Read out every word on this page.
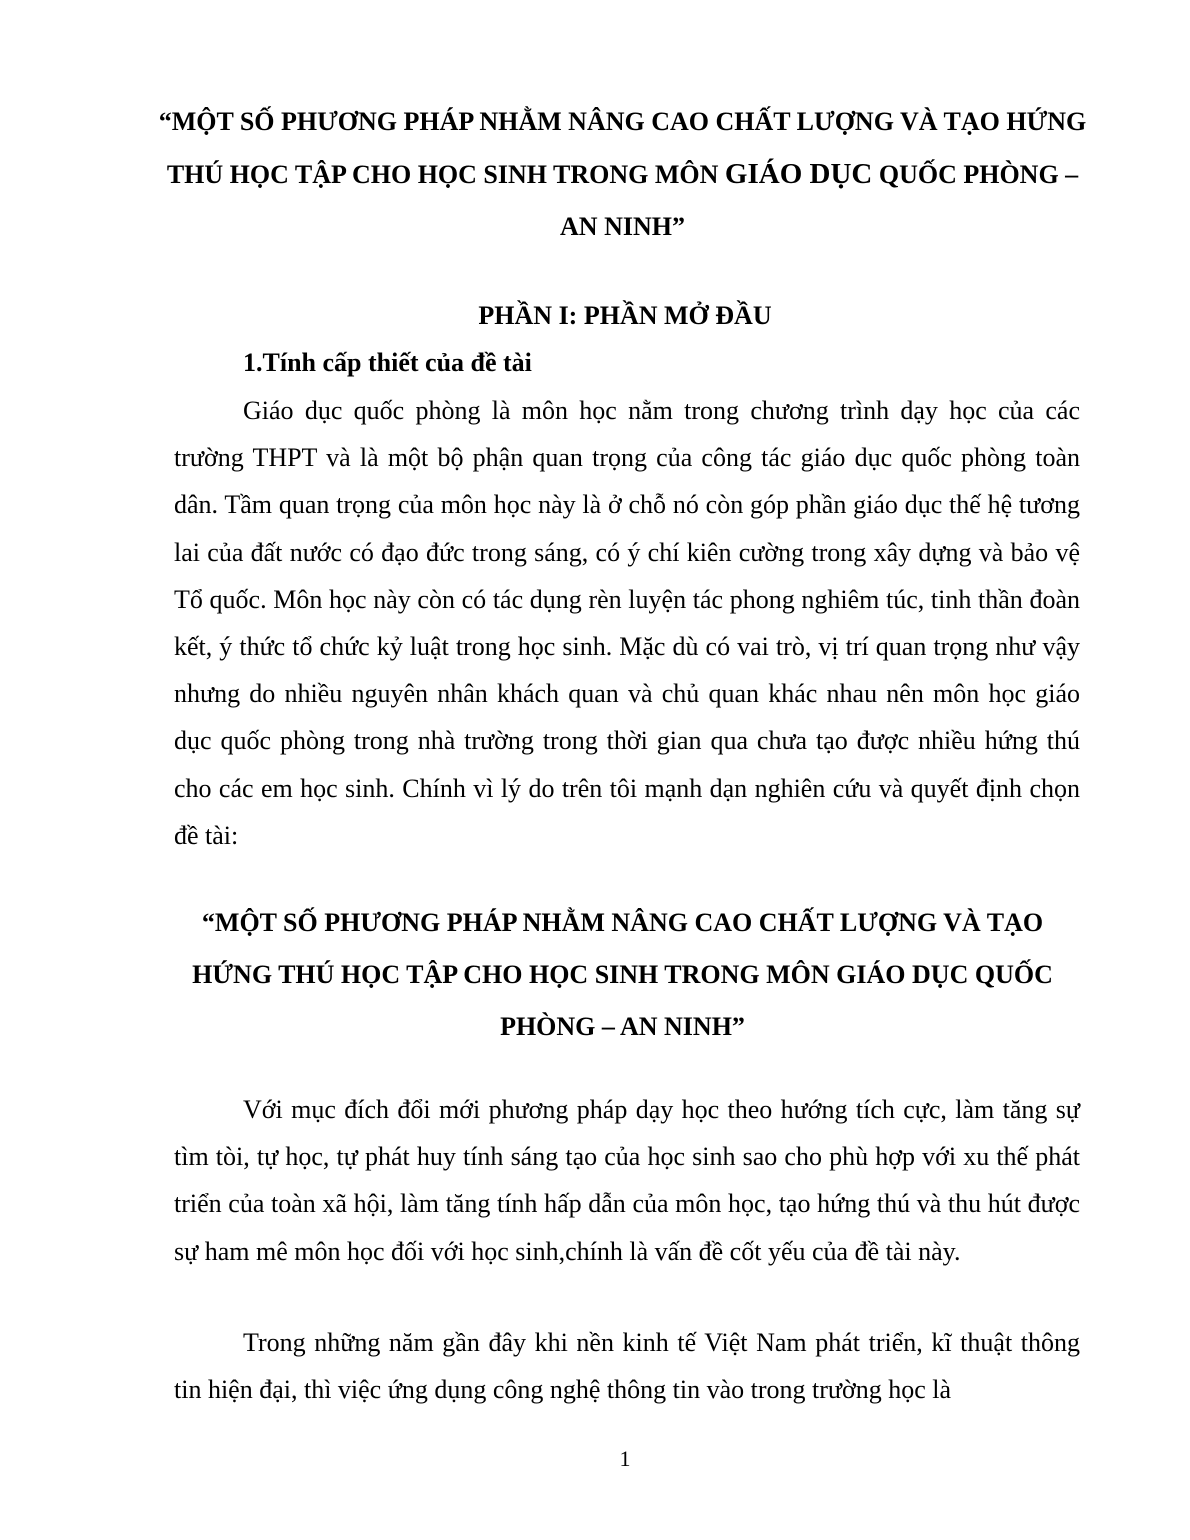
“MỘT SỐ PHƯƠNG PHÁP NHẰM NÂNG CAO CHẤT LƯỢNG VÀ TẠO HỨNG THÚ HỌC TẬP CHO HỌC SINH TRONG MÔN GIÁO DỤC QUỐC PHÒNG – AN NINH”
PHẦN I: PHẦN MỞ ĐẦU
1.Tính cấp thiết của đề tài

Giáo dục quốc phòng là môn học nằm trong chương trình dạy học của các trường THPT và là một bộ phận quan trọng của công tác giáo dục quốc phòng toàn dân. Tầm quan trọng của môn học này là ở chỗ nó còn góp phần giáo dục thế hệ tương lai của đất nước có đạo đức trong sáng, có ý chí kiên cường trong xây dựng và bảo vệ Tổ quốc. Môn học này còn có tác dụng rèn luyện tác phong nghiêm túc, tinh thần đoàn kết, ý thức tổ chức kỷ luật trong học sinh. Mặc dù có vai trò, vị trí quan trọng như vậy nhưng do nhiều nguyên nhân khách quan và chủ quan khác nhau nên môn học giáo dục quốc phòng trong nhà trường trong thời gian qua chưa tạo được nhiều hứng thú cho các em học sinh. Chính vì lý do trên tôi mạnh dạn nghiên cứu và quyết định chọn đề tài:

“MỘT SỐ PHƯƠNG PHÁP NHẰM NÂNG CAO CHẤT LƯỢNG VÀ TẠO HỨNG THÚ HỌC TẬP CHO HỌC SINH TRONG MÔN GIÁO DỤC QUỐC PHÒNG – AN NINH”

Với mục đích đổi mới phương pháp dạy học theo hướng tích cực, làm tăng sự tìm tòi, tự học, tự phát huy tính sáng tạo của học sinh sao cho phù hợp với xu thế phát triển của toàn xã hội, làm tăng tính hấp dẫn của môn học, tạo hứng thú và thu hút được sự ham mê môn học đối với học sinh,chính là vấn đề cốt yếu của đề tài này.

Trong những năm gần đây khi nền kinh tế Việt Nam phát triển, kĩ thuật thông tin hiện đại, thì việc ứng dụng công nghệ thông tin vào trong trường học là

1
